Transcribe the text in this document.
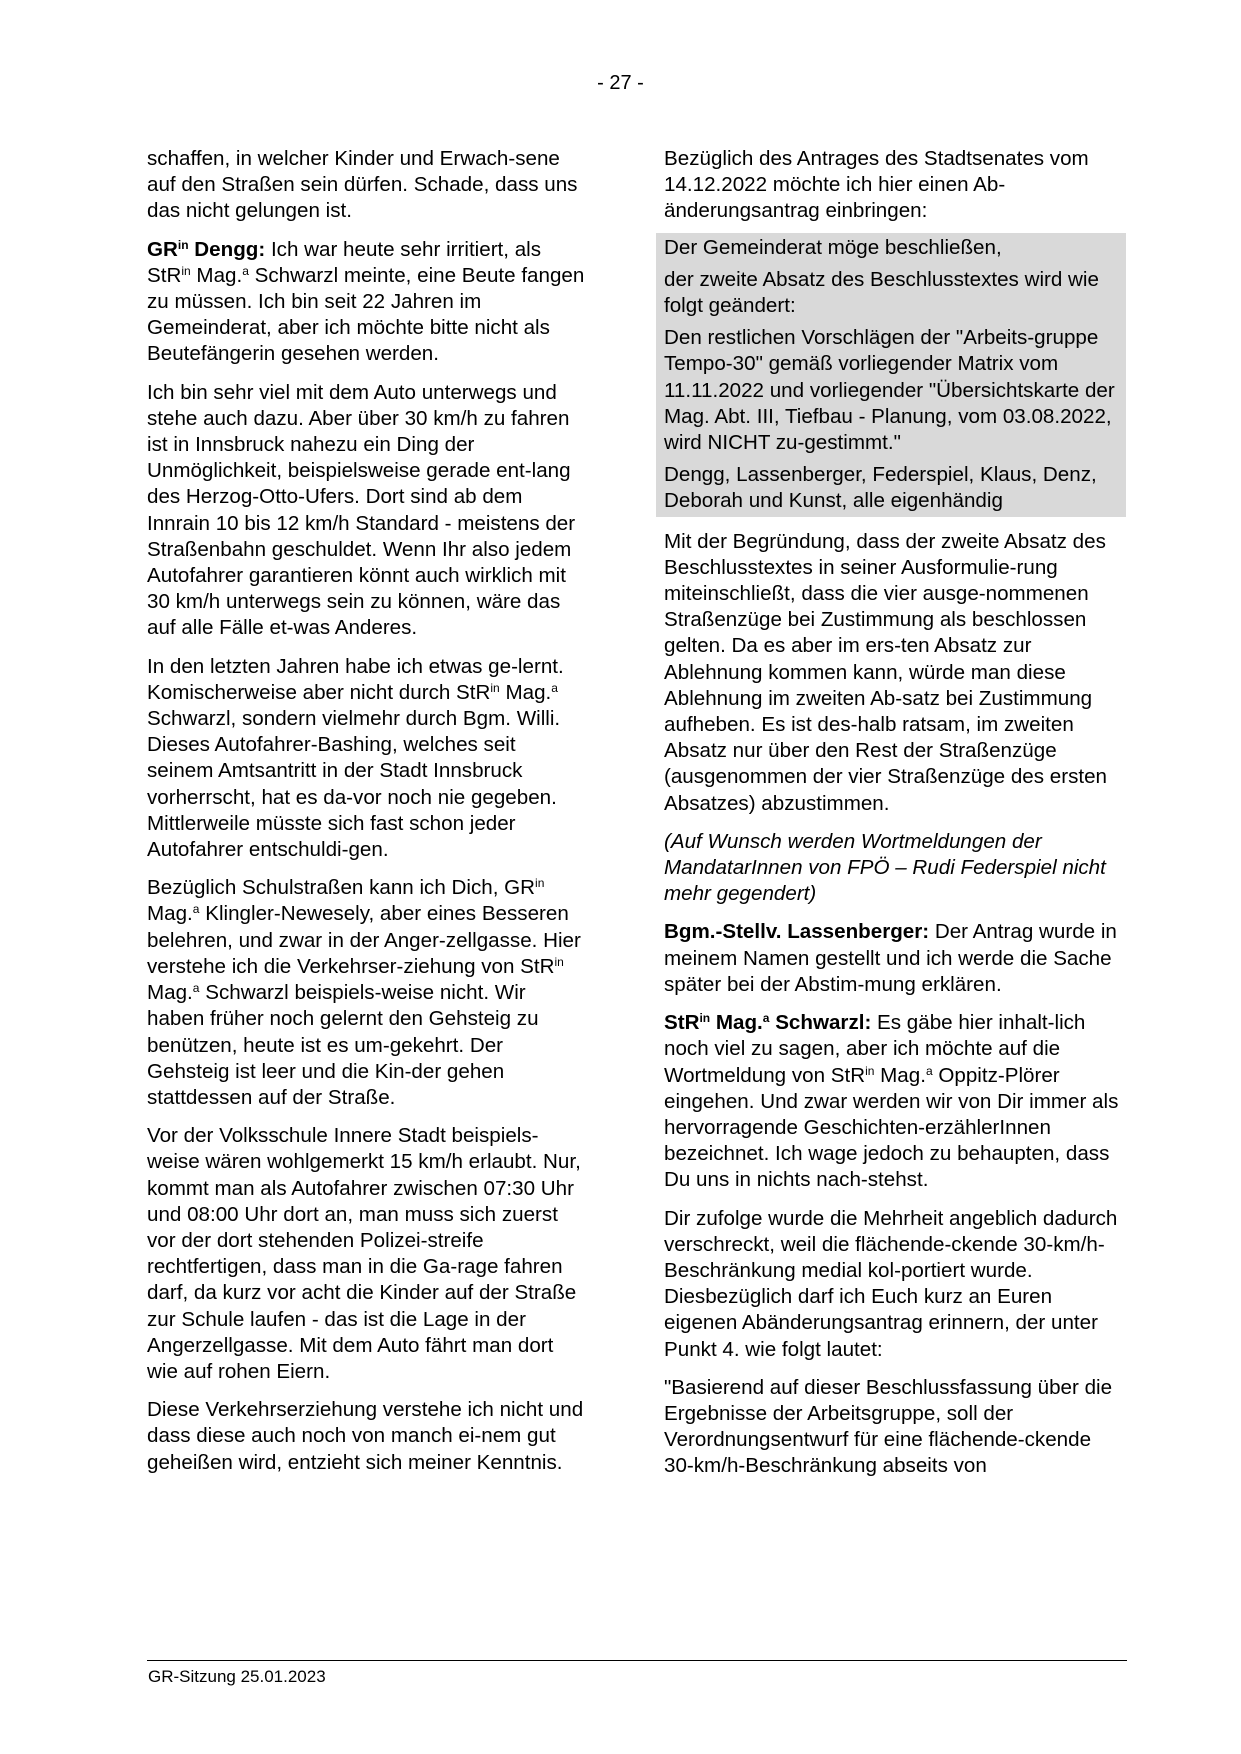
- 27 -

schaffen, in welcher Kinder und Erwach-sene auf den Straßen sein dürfen. Schade, dass uns das nicht gelungen ist.

$GR^{in}$ Dengg: Ich war heute sehr irritiert, als StR$^{in}$ Mag.$^a$ Schwarzl meinte, eine Beute fangen zu müssen. Ich bin seit 22 Jahren im Gemeinderat, aber ich möchte bitte nicht als Beutefängerin gesehen werden.

Ich bin sehr viel mit dem Auto unterwegs und stehe auch dazu. Aber über 30 km/h zu fahren ist in Innsbruck nahezu ein Ding der Unmöglichkeit, beispielsweise gerade ent-lang des Herzog-Otto-Ufers. Dort sind ab dem Innrain 10 bis 12 km/h Standard - meistens der Straßenbahn geschuldet. Wenn Ihr also jedem Autofahrer garantieren könnt auch wirklich mit 30 km/h unterwegs sein zu können, wäre das auf alle Fälle et-was Anderes.

In den letzten Jahren habe ich etwas ge-lernt. Komischerweise aber nicht durch StR$^{in}$ Mag.$^a$ Schwarzl, sondern vielmehr durch Bgm. Willi. Dieses Autofahrer-Bashing, welches seit seinem Amtsantritt in der Stadt Innsbruck vorherrscht, hat es da-vor noch nie gegeben. Mittlerweile müsste sich fast schon jeder Autofahrer entschuldi-gen.

Bezüglich Schulstraßen kann ich Dich, $GR^{in}$ Mag.$^a$ Klingler-Newesely, aber eines Besseren belehren, und zwar in der Anger-zellgasse. Hier verstehe ich die Verkehrser-ziehung von StR$^{in}$ Mag.$^a$ Schwarzl beispiels-weise nicht. Wir haben früher noch gelernt den Gehsteig zu benützen, heute ist es um-gekehrt. Der Gehsteig ist leer und die Kin-der gehen stattdessen auf der Straße.

Vor der Volksschule Innere Stadt beispiels-weise wären wohlgemerkt 15 km/h erlaubt. Nur, kommt man als Autofahrer zwischen 07:30 Uhr und 08:00 Uhr dort an, man muss sich zuerst vor der dort stehenden Polizei-streife rechtfertigen, dass man in die Ga-rage fahren darf, da kurz vor acht die Kinder auf der Straße zur Schule laufen - das ist die Lage in der Angerzellgasse. Mit dem Auto fährt man dort wie auf rohen Eiern.

Diese Verkehrserziehung verstehe ich nicht und dass diese auch noch von manch ei-nem gut geheißen wird, entzieht sich meiner Kenntnis.

Bezüglich des Antrages des Stadtsenates vom 14.12.2022 möchte ich hier einen Ab-änderungsantrag einbringen:

Der Gemeinderat möge beschließen,

der zweite Absatz des Beschlusstextes wird wie folgt geändert:

Den restlichen Vorschlägen der "Arbeits-gruppe Tempo-30" gemäß vorliegender Matrix vom 11.11.2022 und vorliegender "Übersichtskarte der Mag. Abt. III, Tiefbau - Planung, vom 03.08.2022, wird NICHT zu-gestimmt."

Dengg, Lassenberger, Federspiel, Klaus, Denz, Deborah und Kunst, alle eigenhändig

Mit der Begründung, dass der zweite Absatz des Beschlusstextes in seiner Ausformulie-rung miteinschließt, dass die vier ausge-nommenen Straßenzüge bei Zustimmung als beschlossen gelten. Da es aber im ers-ten Absatz zur Ablehnung kommen kann, würde man diese Ablehnung im zweiten Ab-satz bei Zustimmung aufheben. Es ist des-halb ratsam, im zweiten Absatz nur über den Rest der Straßenzüge (ausgenommen der vier Straßenzüge des ersten Absatzes) abzustimmen.

(Auf Wunsch werden Wortmeldungen der MandatarInnen von FPÖ – Rudi Federspiel nicht mehr gegendert)

Bgm.-Stellv. Lassenberger: Der Antrag wurde in meinem Namen gestellt und ich werde die Sache später bei der Abstim-mung erklären.

StR$^{in}$ Mag.$^a$ Schwarzl: Es gäbe hier inhalt-lich noch viel zu sagen, aber ich möchte auf die Wortmeldung von StR$^{in}$ Mag.$^a$ Oppitz-Plörer eingehen. Und zwar werden wir von Dir immer als hervorragende Geschichten-erzählerInnen bezeichnet. Ich wage jedoch zu behaupten, dass Du uns in nichts nach-stehst.

Dir zufolge wurde die Mehrheit angeblich dadurch verschreckt, weil die flächende-ckende 30-km/h-Beschränkung medial kol-portiert wurde. Diesbezüglich darf ich Euch kurz an Euren eigenen Abänderungsantrag erinnern, der unter Punkt 4. wie folgt lautet:

"Basierend auf dieser Beschlussfassung über die Ergebnisse der Arbeitsgruppe, soll der Verordnungsentwurf für eine flächende-ckende 30-km/h-Beschränkung abseits von

GR-Sitzung 25.01.2023
